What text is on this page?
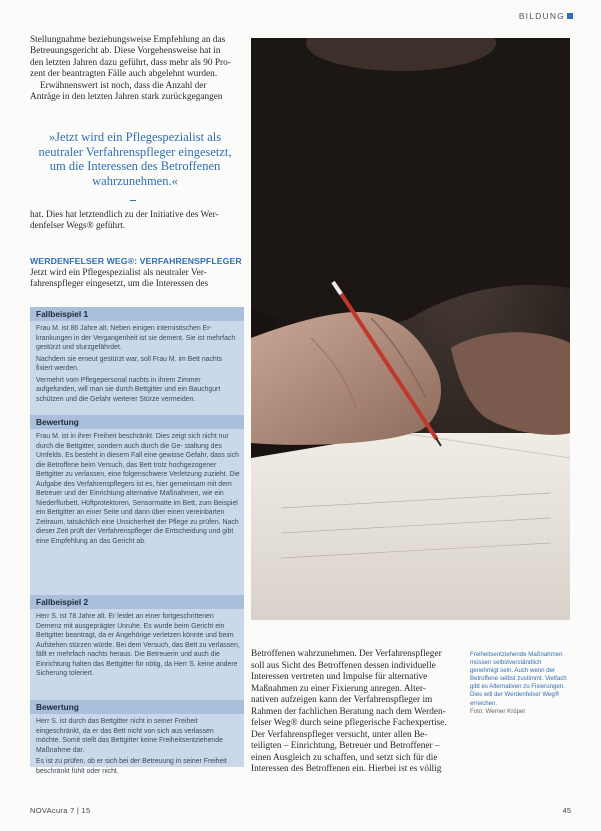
BILDUNG

Stellungnahme beziehungsweise Empfehlung an das

Betreuungsgericht ab. Diese Vorgehensweise hat in

den letzten Jahren dazu geführt, dass mehr als 90 Pro-

zent der beantragten Fälle auch abgelehnt wurden.

Erwähnenswert ist noch, dass die Anzahl der

Anträge in den letzten Jahren stark zurückgegangen

»Jetzt wird ein Pflegespezialist als neutraler Verfahrenspfleger eingesetzt, um die Interessen des Betroffenen wahrzunehmen.«

hat. Dies hat letztendlich zu der Initiative des Wer-

denfelser Wegs® geführt.

WERDENFELSER WEG®: VERFAHRENSPFLEGER

Jetzt wird ein Pflegespezialist als neutraler Ver-

fahrenspfleger eingesetzt, um die Interessen des

Fallbeispiel 1

Frau M. ist 86 Jahre alt. Neben einigen internistischen Er- krankungen in der Vergangenheit ist sie dement. Sie ist mehrfach gestürzt und sturzgefährdet.

Nachdem sie erneut gestürzt war, soll Frau M. im Bett nachts fixiert werden.

Vermehrt vom Pflegepersonal nachts in ihrem Zimmer aufgefunden, will man sie durch Bettgitter und ein Bauchgurt schützen und die Gefahr weiterer Stürze vermeiden.

Bewertung

Frau M. ist in ihrer Freiheit beschränkt. Dies zeigt sich nicht nur durch die Bettgitter, sondern auch durch die Ge- staltung des Umfelds. Es besteht in diesem Fall eine gewisse Gefahr, dass sich die Betroffene beim Versuch, das Bett trotz hochgezogener Bettgitter zu verlassen, eine folgenschwere Verletzung zuzieht. Die Aufgabe des Verfahrenspflegers ist es, hier gemeinsam mit dem Betreuer und der Einrichtung alternative Maßnahmen, wie ein Niederflurbett, Hüftprotektoren, Sensormatte im Bett, zum Beispiel ein Bettgitter an einer Seite und dann über einen vereinbarten Zeitraum, tatsächlich eine Unsicherheit der Pflege zu prüfen. Nach dieser Zeit prüft der Verfahrenspfleger die Entscheidung und gibt eine Empfehlung an das Gericht ab.

Fallbeispiel 2

Herr S. ist 78 Jahre alt. Er leidet an einer fortgeschrittenen Demenz mit ausgeprägter Unruhe. Es wurde beim Gericht ein Bettgitter beantragt, da er Angehörige verletzen könnte und beim Aufstehen stürzen würde. Bei dem Versuch, das Bett zu verlassen, fällt er mehrfach nachts heraus. Die Betreuerin und auch die Einrichtung halten das Bettgitter für nötig, da Herr S. keine andere Sicherung toleriert.

Bewertung

Herr S. ist durch das Bettgitter nicht in seiner Freiheit eingeschränkt, da er das Bett nicht von sich aus verlassen möchte. Somit stellt das Bettgitter keine Freiheitsentziehende Maßnahme dar.

Es ist zu prüfen, ob er sich bei der Betreuung in seiner Freiheit beschränkt fühlt oder nicht.

Betroffenen wahrzunehmen. Der Verfahrenspfleger

soll aus Sicht des Betroffenen dessen individuelle

Interessen vertreten und Impulse für alternative

Maßnahmen zu einer Fixierung anregen. Alter-

nativen aufzeigen kann der Verfahrenspfleger im

Rahmen der fachlichen Beratung nach dem Werden-

felser Weg® durch seine pflegerische Fachexpertise.

Der Verfahrenspfleger versucht, unter allen Be-

teiligten – Einrichtung, Betreuer und Betroffener –

einen Ausgleich zu schaffen, und setzt sich für die

Interessen des Betroffenen ein. Hierbei ist es völlig

Freiheitsentziehende Maßnahmen müssen selbstverständlich genehmigt sein. Auch wenn der Betroffene selbst zustimmt. Vielfach gibt es Alternativen zu Fixierungen. Dies will der Werdenfelser Weg® erreichen.
Foto: Werner Krüper
NOVAcura 7 | 15	45
